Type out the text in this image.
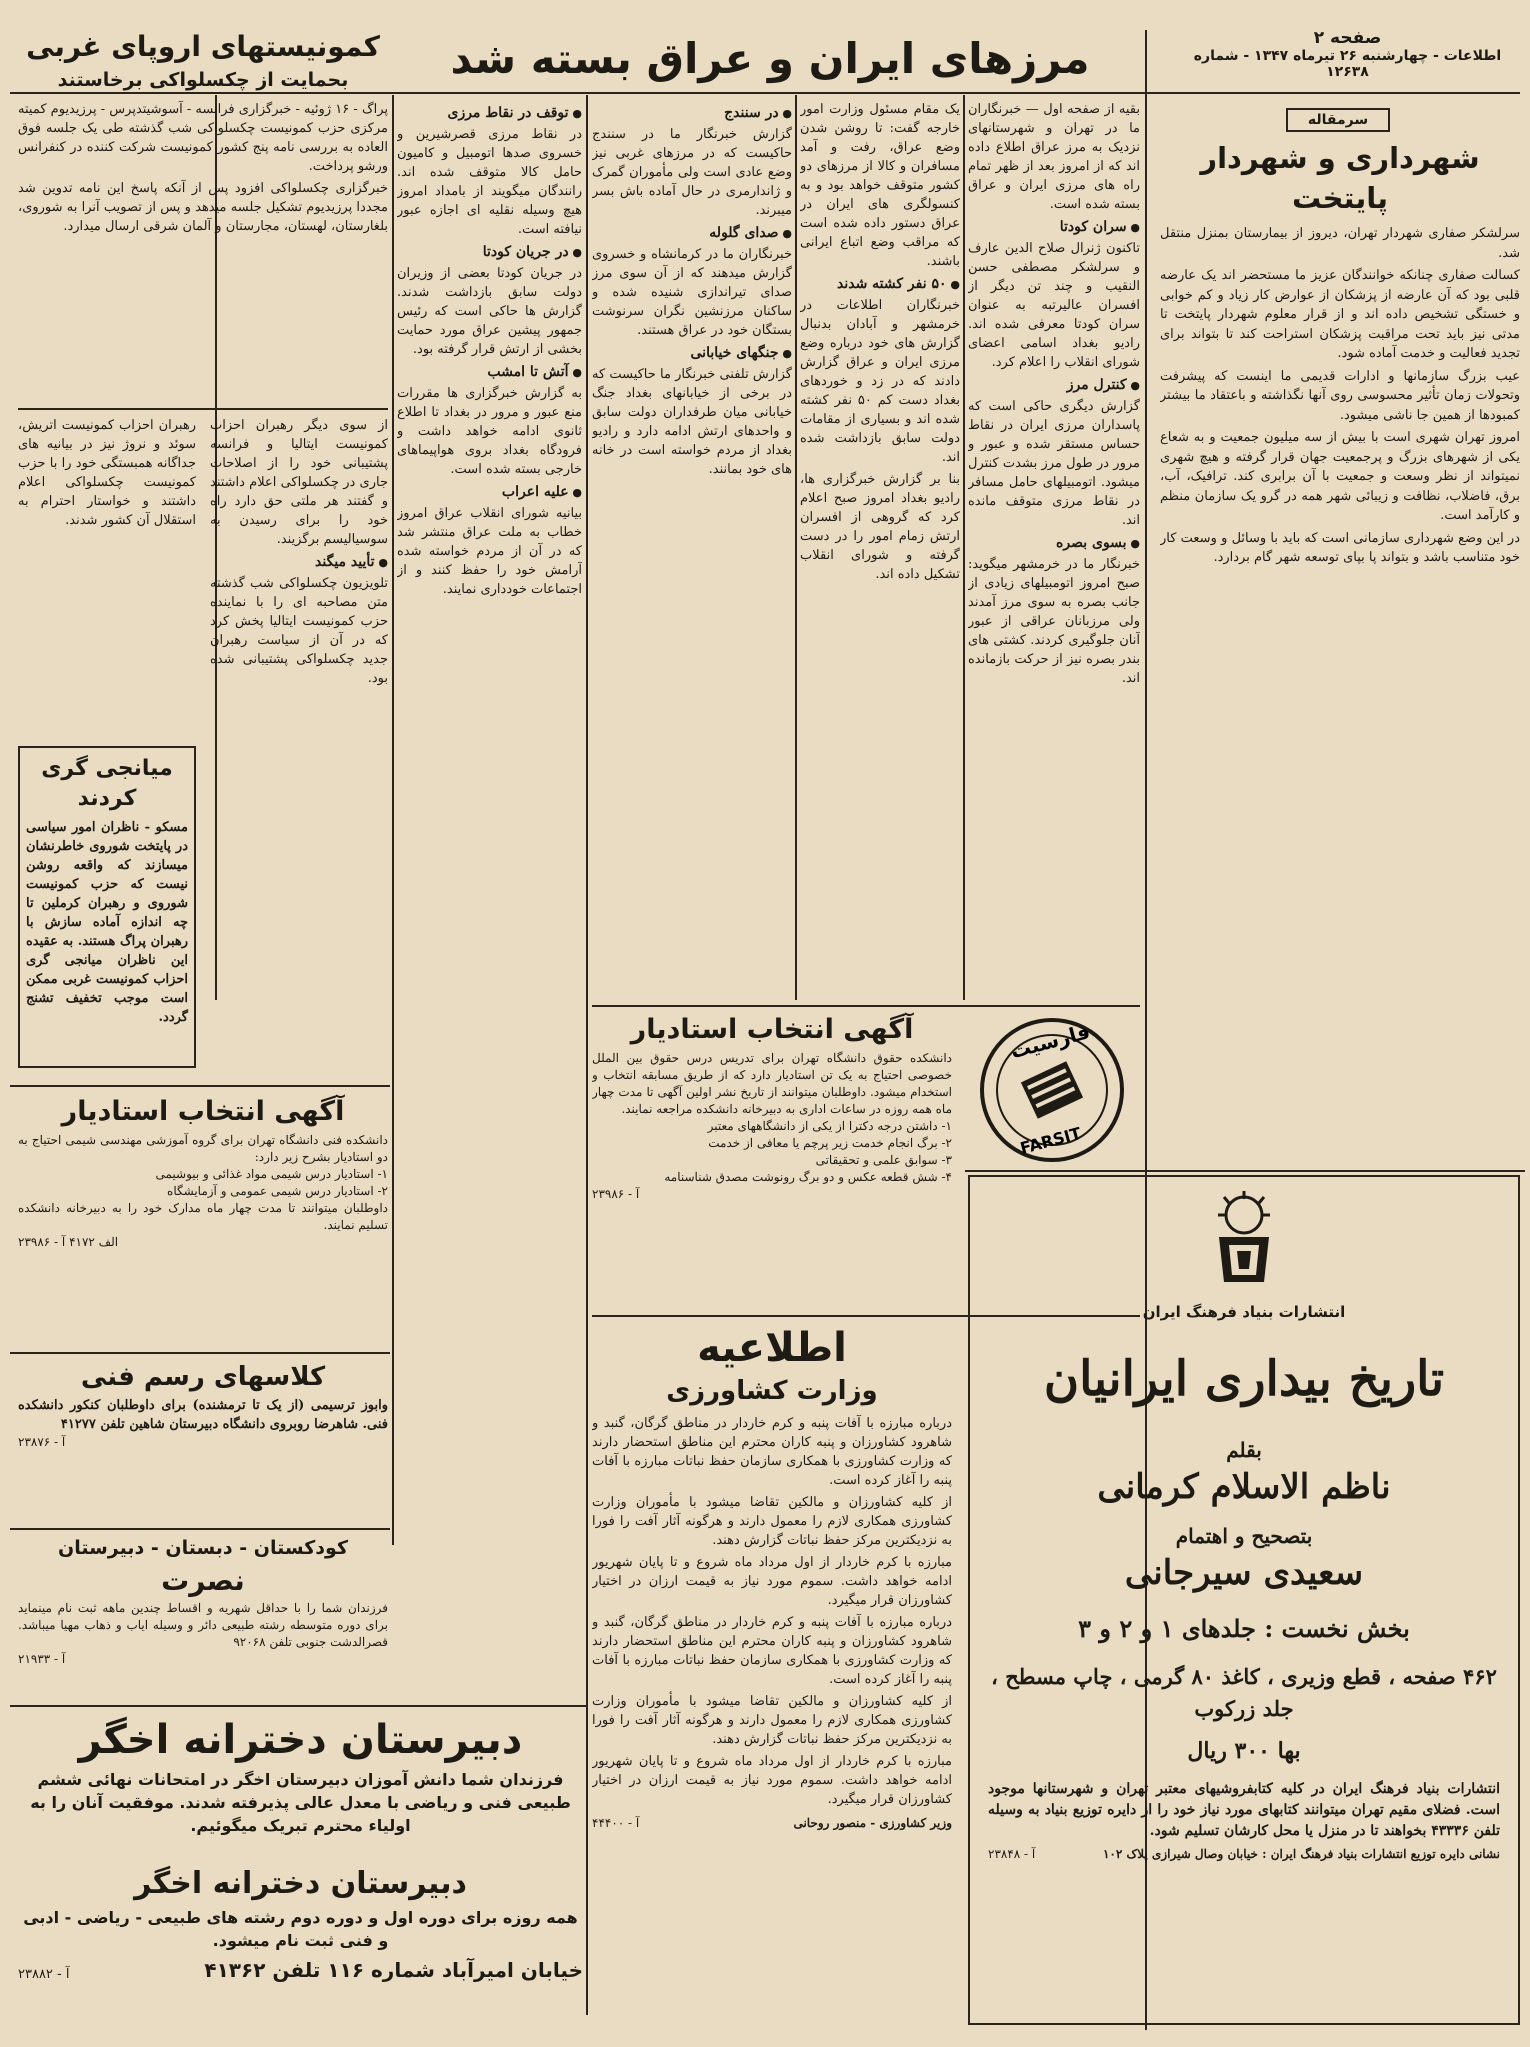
صفحه ۲
اطلاعات - چهارشنبه ۲۶ تیرماه ۱۳۴۷ - شماره ۱۲۶۳۸
سرمقاله
شهرداری و شهردار پایتخت

سرلشکر صفاری شهردار تهران، دیروز از بیمارستان بمنزل منتقل شد.

کسالت صفاری چنانکه خوانندگان عزیز ما مستحضر اند یک عارضه قلبی بود که آن عارضه از پزشکان از عوارض کار زیاد و کم خوابی و خستگی تشخیص داده اند و از قرار معلوم شهردار پایتخت تا مدتی نیز باید تحت مراقبت پزشکان استراحت کند تا بتواند برای تجدید فعالیت و خدمت آماده شود.

عیب بزرگ سازمانها و ادارات قدیمی ما اینست که پیشرفت وتحولات زمان تأثیر محسوسی روی آنها نگذاشته و باعتقاد ما بیشتر کمبودها از همین جا ناشی میشود.

امروز تهران شهری است با بیش از سه میلیون جمعیت و به شعاع یکی از شهرهای بزرگ و پرجمعیت جهان قرار گرفته و هیچ شهری نمیتواند از نظر وسعت و جمعیت با آن برابری کند. ترافیک، آب، برق، فاضلاب، نظافت و زیبائی شهر همه در گرو یک سازمان منظم و کارآمد است.

در این وضع شهرداری سازمانی است که باید با وسائل و وسعت کار خود متناسب باشد و بتواند پا بپای توسعه شهر گام بردارد.

مرزهای ایران و عراق بسته شد

بقیه از صفحه اول — خبرنگاران ما در تهران و شهرستانهای نزدیک به مرز عراق اطلاع داده اند که از امروز بعد از ظهر تمام راه های مرزی ایران و عراق بسته شده است.

● سران کودتا

تاکنون ژنرال صلاح الدین عارف و سرلشکر مصطفی حسن النقیب و چند تن دیگر از افسران عالیرتبه به عنوان سران کودتا معرفی شده اند. رادیو بغداد اسامی اعضای شورای انقلاب را اعلام کرد.

● کنترل مرز

گزارش دیگری حاکی است که پاسداران مرزی ایران در نقاط حساس مستقر شده و عبور و مرور در طول مرز بشدت کنترل میشود. اتومبیلهای حامل مسافر در نقاط مرزی متوقف مانده اند.

● بسوی بصره

خبرنگار ما در خرمشهر میگوید: صبح امروز اتومبیلهای زیادی از جانب بصره به سوی مرز آمدند ولی مرزبانان عراقی از عبور آنان جلوگیری کردند. کشتی های بندر بصره نیز از حرکت بازمانده اند.

یک مقام مسئول وزارت امور خارجه گفت: تا روشن شدن وضع عراق، رفت و آمد مسافران و کالا از مرزهای دو کشور متوقف خواهد بود و به کنسولگری های ایران در عراق دستور داده شده است که مراقب وضع اتباع ایرانی باشند.

● ۵۰ نفر کشته شدند

خبرنگاران اطلاعات در خرمشهر و آبادان بدنبال گزارش های خود درباره وضع مرزی ایران و عراق گزارش دادند که در زد و خوردهای بغداد دست کم ۵۰ نفر کشته شده اند و بسیاری از مقامات دولت سابق بازداشت شده اند.

بنا بر گزارش خبرگزاری ها، رادیو بغداد امروز صبح اعلام کرد که گروهی از افسران ارتش زمام امور را در دست گرفته و شورای انقلاب تشکیل داده اند.

● در سنندج

گزارش خبرنگار ما در سنندج حاکیست که در مرزهای غربی نیز وضع عادی است ولی مأموران گمرک و ژاندارمری در حال آماده باش بسر میبرند.

● صدای گلوله

خبرنگاران ما در کرمانشاه و خسروی گزارش میدهند که از آن سوی مرز صدای تیراندازی شنیده شده و ساکنان مرزنشین نگران سرنوشت بستگان خود در عراق هستند.

● جنگهای خیابانی

گزارش تلفنی خبرنگار ما حاکیست که در برخی از خیابانهای بغداد جنگ خیابانی میان طرفداران دولت سابق و واحدهای ارتش ادامه دارد و رادیو بغداد از مردم خواسته است در خانه های خود بمانند.

● توقف در نقاط مرزی

در نقاط مرزی قصرشیرین و خسروی صدها اتومبیل و کامیون حامل کالا متوقف شده اند. رانندگان میگویند از بامداد امروز هیچ وسیله نقلیه ای اجازه عبور نیافته است.

● در جریان کودتا

در جریان کودتا بعضی از وزیران دولت سابق بازداشت شدند. گزارش ها حاکی است که رئیس جمهور پیشین عراق مورد حمایت بخشی از ارتش قرار گرفته بود.

● آتش تا امشب

به گزارش خبرگزاری ها مقررات منع عبور و مرور در بغداد تا اطلاع ثانوی ادامه خواهد داشت و فرودگاه بغداد بروی هواپیماهای خارجی بسته شده است.

● علیه اعراب

بیانیه شورای انقلاب عراق امروز خطاب به ملت عراق منتشر شد که در آن از مردم خواسته شده آرامش خود را حفظ کنند و از اجتماعات خودداری نمایند.

کمونیستهای اروپای غربی
بحمایت از چکسلواکی برخاستند

پراگ - ۱۶ ژوئیه - خبرگزاری فرانسه - آسوشیتدپرس - پرزیدیوم کمیته مرکزی حزب کمونیست چکسلواکی شب گذشته طی یک جلسه فوق العاده به بررسی نامه پنج کشور کمونیست شرکت کننده در کنفرانس ورشو پرداخت.

خبرگزاری چکسلواکی افزود پس از آنکه پاسخ این نامه تدوین شد مجددا پرزیدیوم تشکیل جلسه میدهد و پس از تصویب آنرا به شوروی، بلغارستان، لهستان، مجارستان و آلمان شرقی ارسال میدارد.

از سوی دیگر رهبران احزاب کمونیست ایتالیا و فرانسه پشتیبانی خود را از اصلاحات جاری در چکسلواکی اعلام داشتند و گفتند هر ملتی حق دارد راه خود را برای رسیدن به سوسیالیسم برگزیند.

● تأیید میگند

تلویزیون چکسلواکی شب گذشته متن مصاحبه ای را با نماینده حزب کمونیست ایتالیا پخش کرد که در آن از سیاست رهبران جدید چکسلواکی پشتیبانی شده بود.

رهبران احزاب کمونیست اتریش، سوئد و نروژ نیز در بیانیه های جداگانه همبستگی خود را با حزب کمونیست چکسلواکی اعلام داشتند و خواستار احترام به استقلال آن کشور شدند.

میانجی گری کردند
مسکو - ناظران امور سیاسی در پایتخت شوروی خاطرنشان میسازند که واقعه روشن نیست که حزب کمونیست شوروی و رهبران کرملین تا چه اندازه آماده سازش با رهبران پراگ هستند. به عقیده این ناظران میانجی گری احزاب کمونیست غربی ممکن است موجب تخفیف تشنج گردد.
آگهی انتخاب استادیار
دانشکده فنی دانشگاه تهران برای گروه آموزشی مهندسی شیمی احتیاج به دو استادیار بشرح زیر دارد:
۱- استادیار درس شیمی مواد غذائی و بیوشیمی
۲- استادیار درس شیمی عمومی و آزمایشگاه
داوطلبان میتوانند تا مدت چهار ماه مدارک خود را به دبیرخانه دانشکده تسلیم نمایند.
الف ۴۱۷۲ آ - ۲۳۹۸۶
کلاسهای رسم فنی
وابوز ترسیمی (از یک تا ترمشنده) برای داوطلبان کنکور دانشکده فنی. شاهرضا روبروی دانشگاه دبیرستان شاهین تلفن ۴۱۲۷۷
آ - ۲۳۸۷۶
کودکستان - دبستان - دبیرستان
نصرت
فرزندان شما را با حداقل شهریه و اقساط چندین ماهه ثبت نام مینماید برای دوره متوسطه رشته طبیعی دائر و وسیله ایاب و ذهاب مهیا میباشد. قصرالدشت جنوبی تلفن ۹۲۰۶۸
آ - ۲۱۹۳۳
آگهی انتخاب استادیار
دانشکده حقوق دانشگاه تهران برای تدریس درس حقوق بین الملل خصوصی احتیاج به یک تن استادیار دارد که از طریق مسابقه انتخاب و استخدام میشود. داوطلبان میتوانند از تاریخ نشر اولین آگهی تا مدت چهار ماه همه روزه در ساعات اداری به دبیرخانه دانشکده مراجعه نمایند.
۱- داشتن درجه دکترا از یکی از دانشگاههای معتبر
۲- برگ انجام خدمت زیر پرچم یا معافی از خدمت
۳- سوابق علمی و تحقیقاتی
۴- شش قطعه عکس و دو برگ رونوشت مصدق شناسنامه
آ - ۲۳۹۸۶
فارسیت
FARSIT
اطلاعیه
وزارت کشاورزی

درباره مبارزه با آفات پنبه و کرم خاردار در مناطق گرگان، گنبد و شاهرود کشاورزان و پنبه کاران محترم این مناطق استحضار دارند که وزارت کشاورزی با همکاری سازمان حفظ نباتات مبارزه با آفات پنبه را آغاز کرده است.

از کلیه کشاورزان و مالکین تقاضا میشود با مأموران وزارت کشاورزی همکاری لازم را معمول دارند و هرگونه آثار آفت را فورا به نزدیکترین مرکز حفظ نباتات گزارش دهند.

مبارزه با کرم خاردار از اول مرداد ماه شروع و تا پایان شهریور ادامه خواهد داشت. سموم مورد نیاز به قیمت ارزان در اختیار کشاورزان قرار میگیرد.

درباره مبارزه با آفات پنبه و کرم خاردار در مناطق گرگان، گنبد و شاهرود کشاورزان و پنبه کاران محترم این مناطق استحضار دارند که وزارت کشاورزی با همکاری سازمان حفظ نباتات مبارزه با آفات پنبه را آغاز کرده است.

از کلیه کشاورزان و مالکین تقاضا میشود با مأموران وزارت کشاورزی همکاری لازم را معمول دارند و هرگونه آثار آفت را فورا به نزدیکترین مرکز حفظ نباتات گزارش دهند.

مبارزه با کرم خاردار از اول مرداد ماه شروع و تا پایان شهریور ادامه خواهد داشت. سموم مورد نیاز به قیمت ارزان در اختیار کشاورزان قرار میگیرد.

وزیر کشاورزی - منصور روحانی
آ - ۴۴۴۰۰
دبیرستان دخترانه اخگر
فرزندان شما دانش آموزان دبیرستان اخگر در امتحانات نهائی ششم طبیعی فنی و ریاضی با معدل عالی پذیرفته شدند. موفقیت آنان را به اولیاء محترم تبریک میگوئیم.
دبیرستان دخترانه اخگر
همه روزه برای دوره اول و دوره دوم رشته های طبیعی - ریاضی - ادبی و فنی ثبت نام میشود.
خیابان امیرآباد شماره ۱۱۶ تلفن ۴۱۳۶۲
آ - ۲۳۸۸۲
انتشارات بنیاد فرهنگ ایران
تاریخ بیداری ایرانیان
بقلم
ناظم الاسلام کرمانی
بتصحیح و اهتمام
سعیدی سیرجانی
بخش نخست : جلدهای ۱ و ۲ و ۳
۴۶۲ صفحه ، قطع وزیری ، کاغذ ۸۰ گرمی ، چاپ مسطح ، جلد زرکوب
بها ۳۰۰ ریال
انتشارات بنیاد فرهنگ ایران در کلیه کتابفروشیهای معتبر تهران و شهرستانها موجود است. فضلای مقیم تهران میتوانند کتابهای مورد نیاز خود را از دایره توزیع بنیاد به وسیله تلفن ۴۳۳۳۶ بخواهند تا در منزل یا محل کارشان تسلیم شود.
نشانی دایره توزیع انتشارات بنیاد فرهنگ ایران : خیابان وصال شیرازی پلاک ۱۰۲
آ - ۲۳۸۴۸
